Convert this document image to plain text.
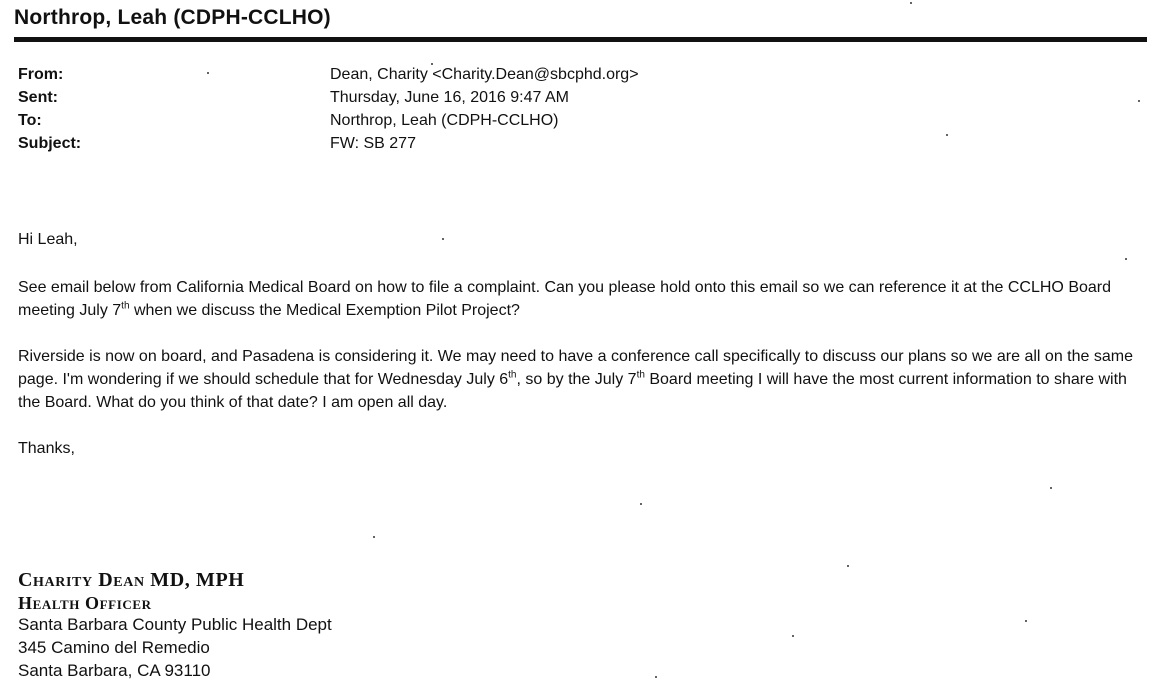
Northrop, Leah (CDPH-CCLHO)
From:	Dean, Charity <Charity.Dean@sbcphd.org>
Sent:	Thursday, June 16, 2016 9:47 AM
To:	Northrop, Leah (CDPH-CCLHO)
Subject:	FW: SB 277

Hi Leah,

See email below from California Medical Board on how to file a complaint. Can you please hold onto this email so we can reference it at the CCLHO Board meeting July 7th when we discuss the Medical Exemption Pilot Project?

Riverside is now on board, and Pasadena is considering it. We may need to have a conference call specifically to discuss our plans so we are all on the same page. I'm wondering if we should schedule that for Wednesday July 6th, so by the July 7th Board meeting I will have the most current information to share with the Board. What do you think of that date? I am open all day.

Thanks,

Charity Dean MD, MPH
Health Officer
Santa Barbara County Public Health Dept
345 Camino del Remedio
Santa Barbara, CA 93110
